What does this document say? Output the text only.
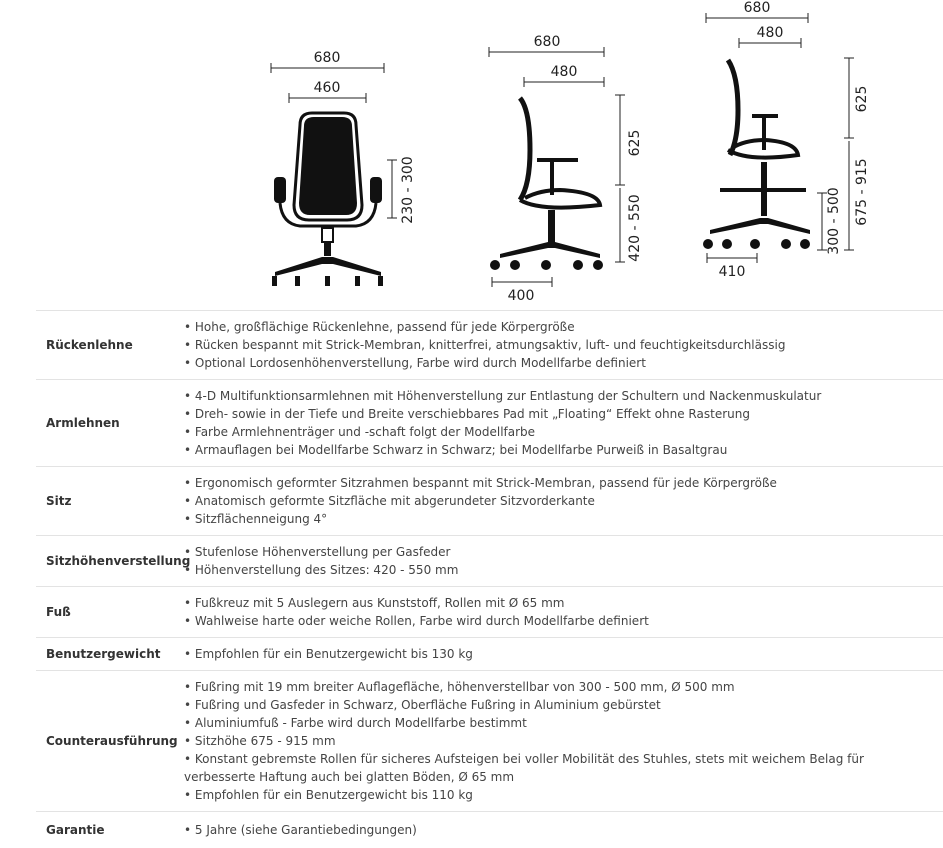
680
460
230 - 300
680
480
625
420 - 550
400
680
480
625
675 - 915
300 - 500
410
Rückenlehne
• Hohe, großflächige Rückenlehne, passend für jede Körpergröße
• Rücken bespannt mit Strick-Membran, knitterfrei, atmungsaktiv, luft- und feuchtigkeitsdurchlässig
• Optional Lordosenhöhenverstellung, Farbe wird durch Modellfarbe definiert
Armlehnen
• 4-D Multifunktionsarmlehnen mit Höhenverstellung zur Entlastung der Schultern und Nackenmuskulatur
• Dreh- sowie in der Tiefe und Breite verschiebbares Pad mit „Floating“ Effekt ohne Rasterung
• Farbe Armlehnenträger und -schaft folgt der Modellfarbe
• Armauflagen bei Modellfarbe Schwarz in Schwarz; bei Modellfarbe Purweiß in Basaltgrau
Sitz
• Ergonomisch geformter Sitzrahmen bespannt mit Strick-Membran, passend für jede Körpergröße
• Anatomisch geformte Sitzfläche mit abgerundeter Sitzvorderkante
• Sitzflächenneigung 4°
Sitzhöhenverstellung
• Stufenlose Höhenverstellung per Gasfeder
• Höhenverstellung des Sitzes: 420 - 550 mm
Fuß
• Fußkreuz mit 5 Auslegern aus Kunststoff, Rollen mit Ø 65 mm
• Wahlweise harte oder weiche Rollen, Farbe wird durch Modellfarbe definiert
Benutzergewicht	• Empfohlen für ein Benutzergewicht bis 130 kg
Counterausführung
• Fußring mit 19 mm breiter Auflagefläche, höhenverstellbar von 300 - 500 mm, Ø 500 mm
• Fußring und Gasfeder in Schwarz, Oberfläche Fußring in Aluminium gebürstet
• Aluminiumfuß - Farbe wird durch Modellfarbe bestimmt
• Sitzhöhe 675 - 915 mm
• Konstant gebremste Rollen für sicheres Aufsteigen bei voller Mobilität des Stuhles, stets mit weichem Belag für verbesserte Haftung auch bei glatten Böden, Ø 65 mm
• Empfohlen für ein Benutzergewicht bis 110 kg
Garantie	• 5 Jahre (siehe Garantiebedingungen)
